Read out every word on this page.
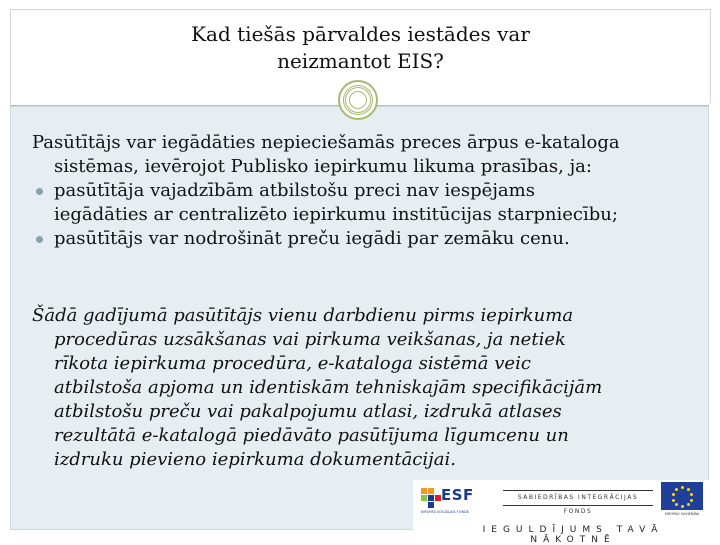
Kad tiešās pārvaldes iestādes var
neizmantot EIS?
Pasūtītājs var iegādāties nepieciešamās preces ārpus e-kataloga
sistēmas, ievērojot Publisko iepirkumu likuma prasības, ja:
pasūtītāja vajadzībām atbilstošu preci nav iespējams
iegādāties ar centralizēto iepirkumu institūcijas starpniecību;
pasūtītājs var nodrošināt preču iegādi par zemāku cenu.
Šādā gadījumā pasūtītājs vienu darbdienu pirms iepirkuma
procedūras uzsākšanas vai pirkuma veikšanas, ja netiek
rīkota iepirkuma procedūra, e-kataloga sistēmā veic
atbilstoša apjoma un identiskām tehniskajām specifikācijām
atbilstošu preču vai pakalpojumu atlasi, izdrukā atlases
rezultātā e-katalogā piedāvāto pasūtījuma līgumcenu un
izdruku pievieno iepirkuma dokumentācijai.
ESF
EIROPAS SOCIĀLAIS FONDS
SABIEDRĪBAS INTEGRĀCIJAS FONDS	EIROPAS SAVIENĪBA
IEGULDĪJUMS TAVĀ NĀKOTNĒ
